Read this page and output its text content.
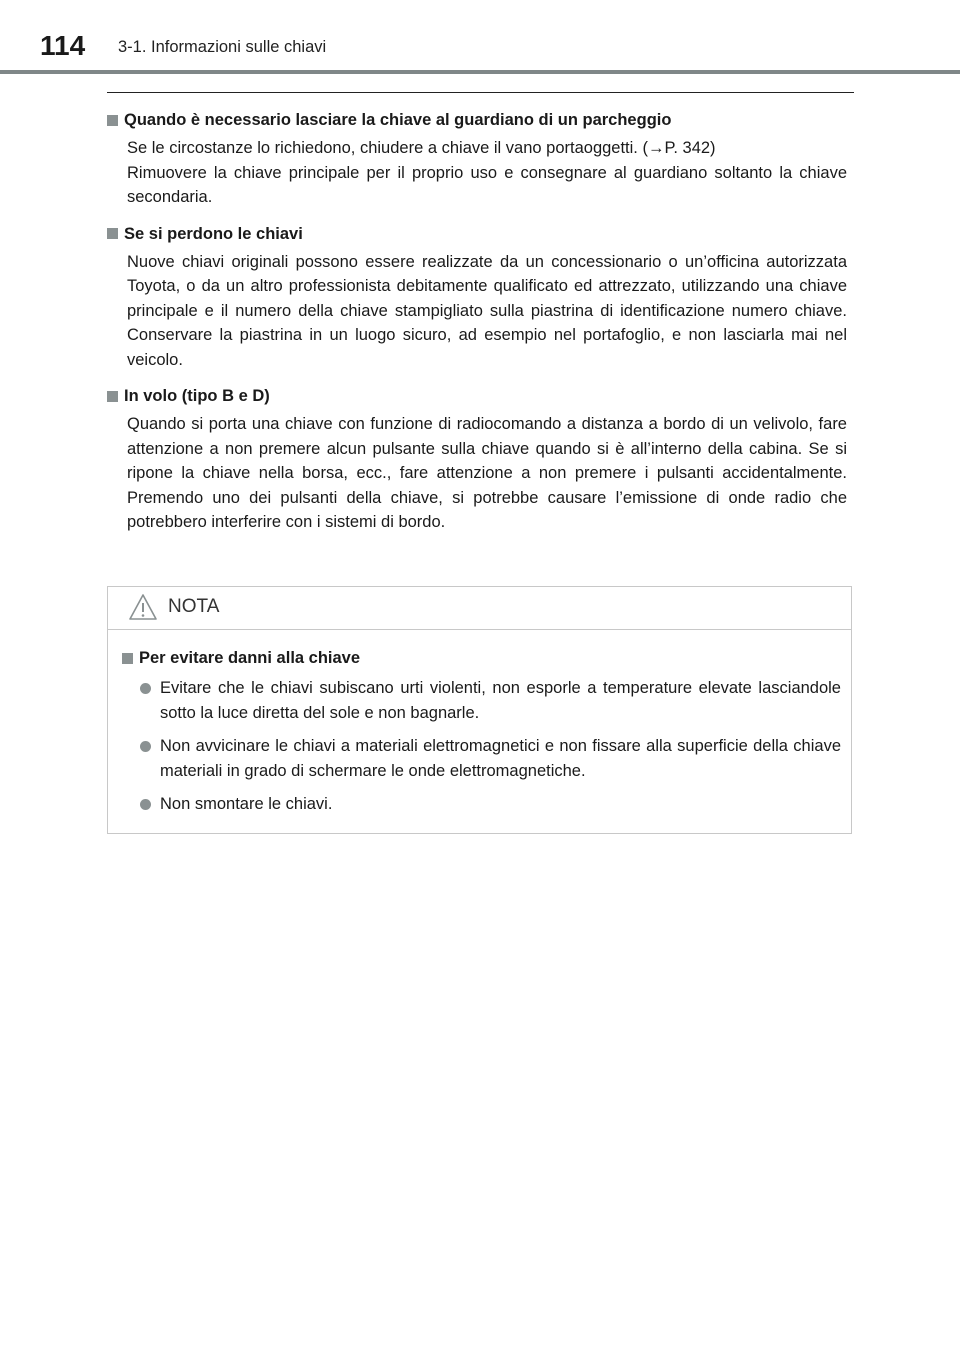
114 3-1. Informazioni sulle chiavi
Quando è necessario lasciare la chiave al guardiano di un parcheggio

Se le circostanze lo richiedono, chiudere a chiave il vano portaoggetti. (→P. 342)

Rimuovere la chiave principale per il proprio uso e consegnare al guardiano soltanto la chiave secondaria.

Se si perdono le chiavi

Nuove chiavi originali possono essere realizzate da un concessionario o un’officina autorizzata Toyota, o da un altro professionista debitamente qualificato ed attrezzato, utilizzando una chiave principale e il numero della chiave stampigliato sulla piastrina di identificazione numero chiave. Conservare la piastrina in un luogo sicuro, ad esempio nel portafoglio, e non lasciarla mai nel veicolo.

In volo (tipo B e D)

Quando si porta una chiave con funzione di radiocomando a distanza a bordo di un velivolo, fare attenzione a non premere alcun pulsante sulla chiave quando si è all’interno della cabina. Se si ripone la chiave nella borsa, ecc., fare attenzione a non premere i pulsanti accidentalmente. Premendo uno dei pulsanti della chiave, si potrebbe causare l’emissione di onde radio che potrebbero interferire con i sistemi di bordo.

NOTA
Per evitare danni alla chiave
Evitare che le chiavi subiscano urti violenti, non esporle a temperature elevate lasciandole sotto la luce diretta del sole e non bagnarle.
Non avvicinare le chiavi a materiali elettromagnetici e non fissare alla superficie della chiave materiali in grado di schermare le onde elettromagnetiche.
Non smontare le chiavi.
